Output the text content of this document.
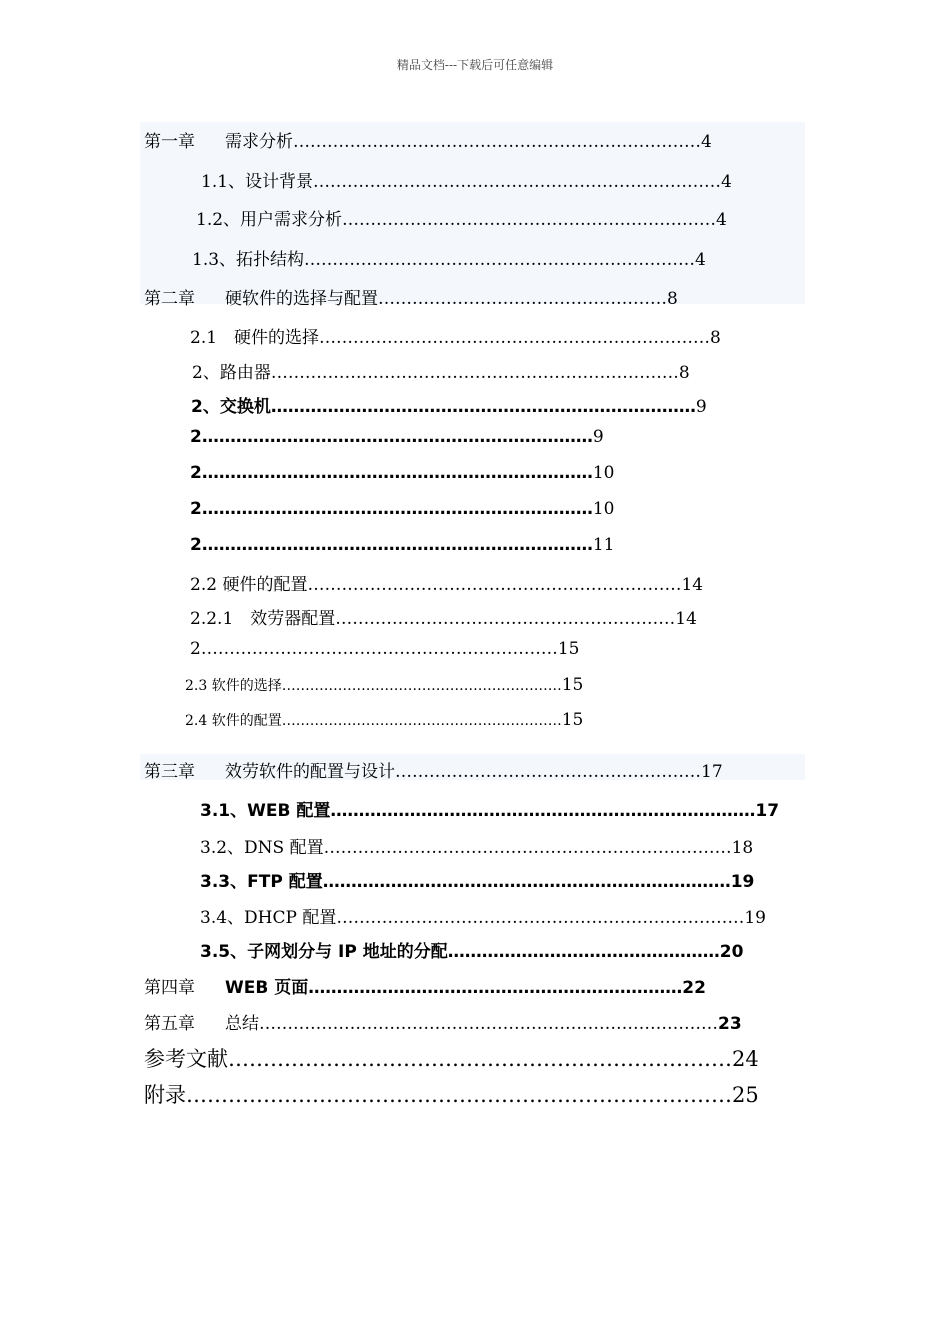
精品文档---下载后可任意编辑
第一章 需求分析………………………………………………………………4
1.1、设计背景………………………………………………………………4
1.2、用户需求分析…………………………………………………………4
1.3、拓扑结构……………………………………………………………4
第二章 硬软件的选择与配置……………………………………………8
2.1　硬件的选择……………………………………………………………8
2、路由器………………………………………………………………8
2、交换机…………………………………………………………………9
2……………………………………………………………9
2……………………………………………………………10
2……………………………………………………………10
2……………………………………………………………11
2.2 硬件的配置…………………………………………………………14
2.2.1　效劳器配置……………………………………………………14
2………………………………………………………15
2.3 软件的选择……………………………………………………15
2.4 软件的配置……………………………………………………15
第三章 效劳软件的配置与设计………………………………………………17
3.1、WEB 配置…………………………………………………………………17
3.2、DNS 配置………………………………………………………………18
3.3、FTP 配置………………………………………………………………19
3.4、DHCP 配置………………………………………………………………19
3.5、子网划分与 IP 地址的分配…………………………………………20
第四章 WEB 页面…………………………………………………………22
第五章 总结………………………………………………………………………23
参考文献………………………………………………………………24
附录……………………………………………………………………25
